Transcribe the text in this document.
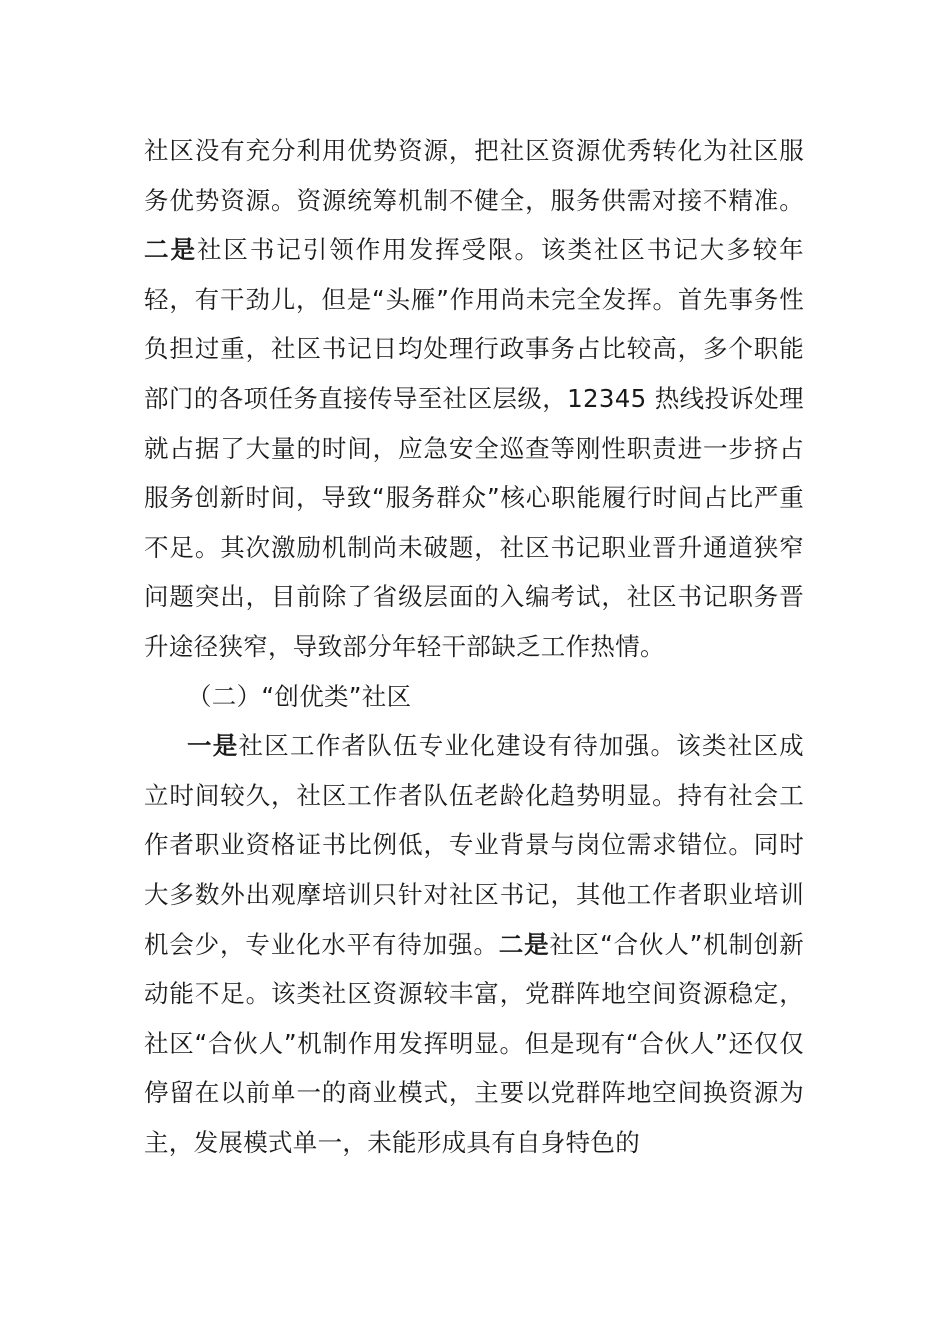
社区没有充分利用优势资源，把社区资源优秀转化为社区服务优势资源。资源统筹机制不健全，服务供需对接不精准。二是社区书记引领作用发挥受限。该类社区书记大多较年轻，有干劲儿，但是“头雁”作用尚未完全发挥。首先事务性负担过重，社区书记日均处理行政事务占比较高，多个职能部门的各项任务直接传导至社区层级，12345 热线投诉处理就占据了大量的时间，应急安全巡查等刚性职责进一步挤占服务创新时间，导致“服务群众”核心职能履行时间占比严重不足。其次激励机制尚未破题，社区书记职业晋升通道狭窄问题突出，目前除了省级层面的入编考试，社区书记职务晋升途径狭窄，导致部分年轻干部缺乏工作热情。

（二）“创优类”社区

一是社区工作者队伍专业化建设有待加强。该类社区成立时间较久，社区工作者队伍老龄化趋势明显。持有社会工作者职业资格证书比例低，专业背景与岗位需求错位。同时大多数外出观摩培训只针对社区书记，其他工作者职业培训机会少，专业化水平有待加强。二是社区“合伙人”机制创新动能不足。该类社区资源较丰富，党群阵地空间资源稳定，社区“合伙人”机制作用发挥明显。但是现有“合伙人”还仅仅停留在以前单一的商业模式，主要以党群阵地空间换资源为主，发展模式单一，未能形成具有自身特色的
